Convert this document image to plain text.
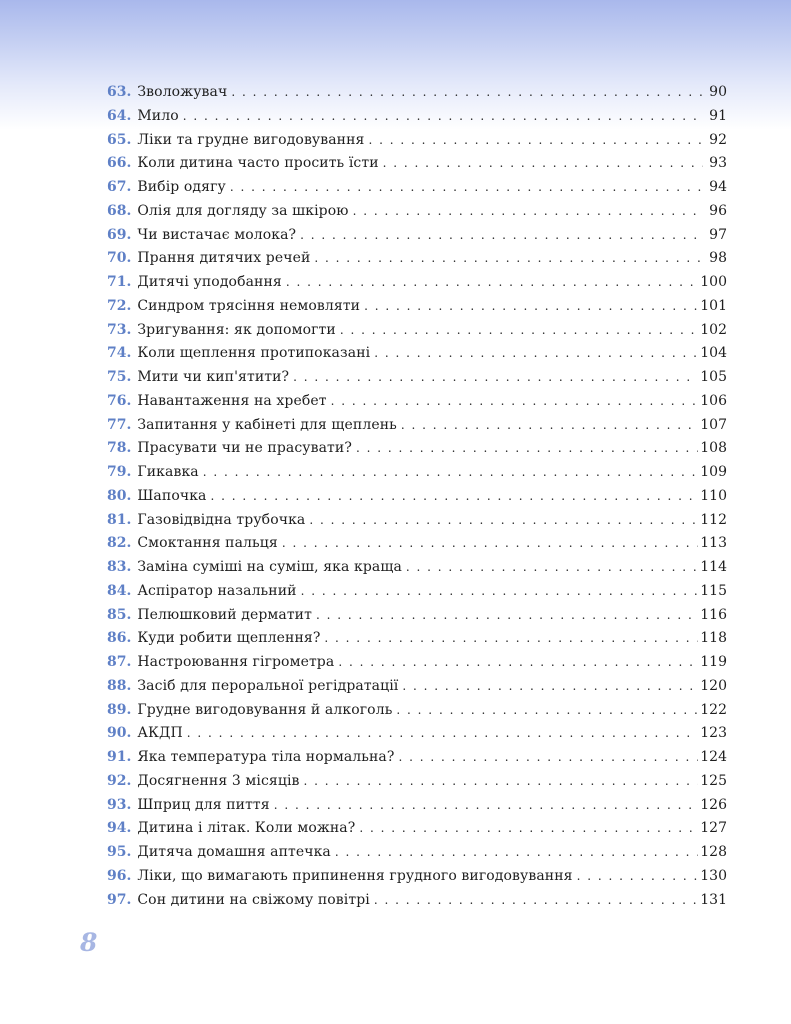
63. Зволожувач . . .	90
64. Мило . . .	91
65. Ліки та грудне вигодовування . . .	92
66. Коли дитина часто просить їсти . . .	93
67. Вибір одягу . . .	94
68. Олія для догляду за шкірою . . .	96
69. Чи вистачає молока? . . .	97
70. Прання дитячих речей . . .	98
71. Дитячі уподобання . . .	100
72. Синдром трясіння немовляти . . .	101
73. Зригування: як допомогти . . .	102
74. Коли щеплення протипоказані . . .	104
75. Мити чи кип'ятити? . . .	105
76. Навантаження на хребет . . .	106
77. Запитання у кабінеті для щеплень . . .	107
78. Прасувати чи не прасувати? . . .	108
79. Гикавка . . .	109
80. Шапочка . . .	110
81. Газовідвідна трубочка . . .	112
82. Смоктання пальця . . .	113
83. Заміна суміші на суміш, яка краща . . .	114
84. Аспіратор назальний . . .	115
85. Пелюшковий дерматит . . .	116
86. Куди робити щеплення? . . .	118
87. Настроювання гігрометра . . .	119
88. Засіб для пероральної регідратації . . .	120
89. Грудне вигодовування й алкоголь . . .	122
90. АКДП . . .	123
91. Яка температура тіла нормальна? . . .	124
92. Досягнення 3 місяців . . .	125
93. Шприц для пиття . . .	126
94. Дитина і літак. Коли можна? . . .	127
95. Дитяча домашня аптечка . . .	128
96. Ліки, що вимагають припинення грудного вигодовування . . .	130
97. Сон дитини на свіжому повітрі . . .	131
8
